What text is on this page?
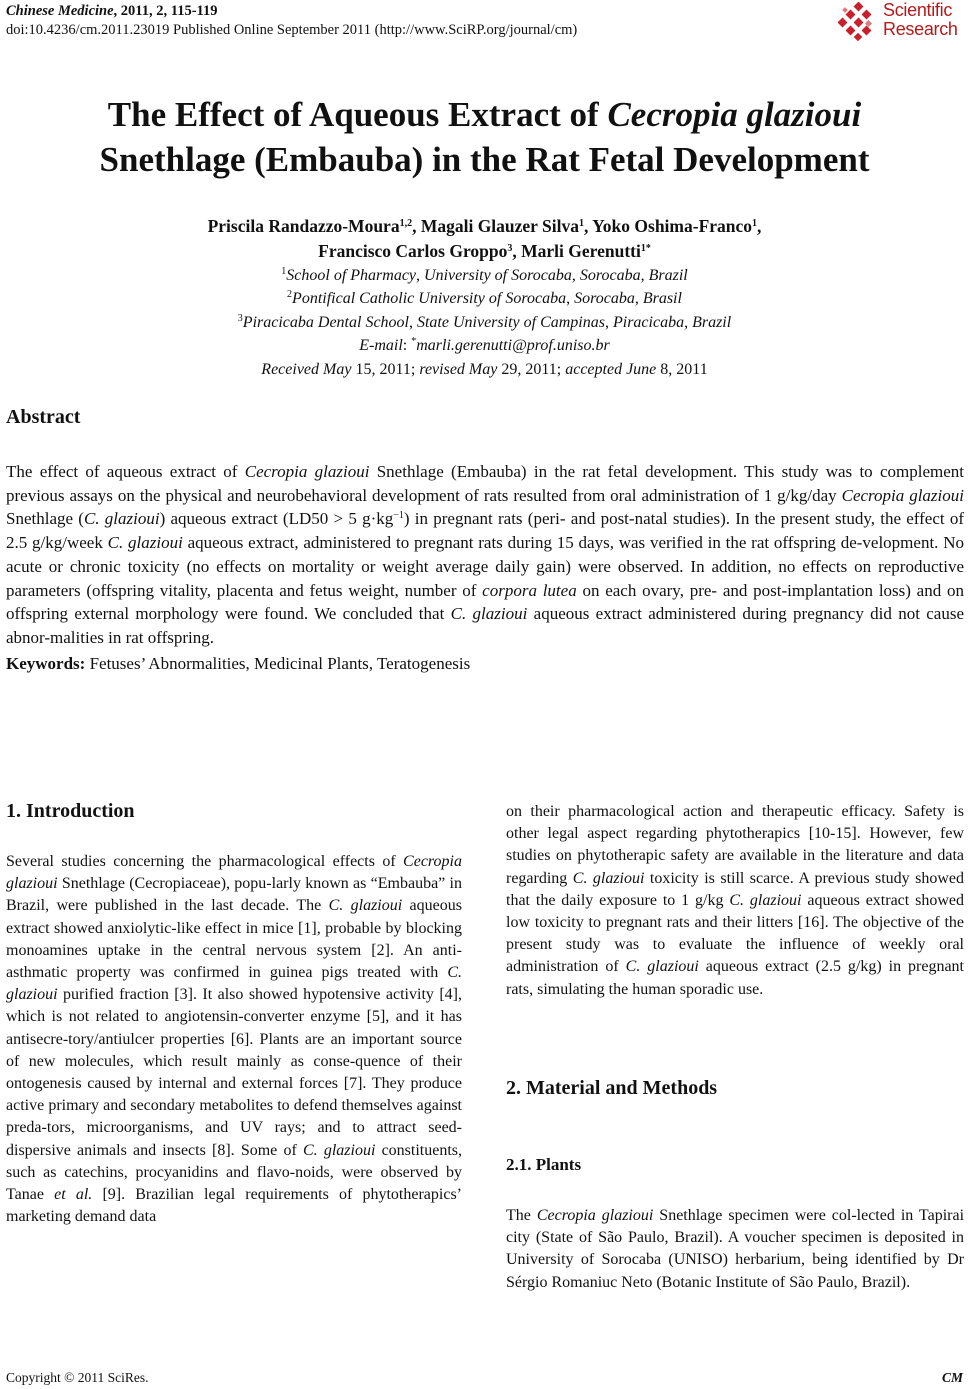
Chinese Medicine, 2011, 2, 115-119
doi:10.4236/cm.2011.23019 Published Online September 2011 (http://www.SciRP.org/journal/cm)
Scientific
Research
The Effect of Aqueous Extract of Cecropia glazioui
Snethlage (Embauba) in the Rat Fetal Development
Priscila Randazzo-Moura$^{1,2}$, Magali Glauzer Silva$^1$, Yoko Oshima-Franco$^1$,
Francisco Carlos Groppo$^3$, Marli Gerenutti$^{1*}$
$^1$School of Pharmacy, University of Sorocaba, Sorocaba, Brazil
$^2$Pontifical Catholic University of Sorocaba, Sorocaba, Brasil
$^3$Piracicaba Dental School, State University of Campinas, Piracicaba, Brazil
E-mail: *marli.gerenutti@prof.uniso.br
Received May 15, 2011; revised May 29, 2011; accepted June 8, 2011
Abstract
The effect of aqueous extract of Cecropia glazioui Snethlage (Embauba) in the rat fetal development. This study was to complement previous assays on the physical and neurobehavioral development of rats resulted from oral administration of 1 g/kg/day Cecropia glazioui Snethlage (C. glazioui) aqueous extract (LD50 > 5 $g\cdot kg^{-1}$) in pregnant rats (peri- and post-natal studies). In the present study, the effect of 2.5 g/kg/week C. glazioui aqueous extract, administered to pregnant rats during 15 days, was verified in the rat offspring de-velopment. No acute or chronic toxicity (no effects on mortality or weight average daily gain) were observed. In addition, no effects on reproductive parameters (offspring vitality, placenta and fetus weight, number of corpora lutea on each ovary, pre- and post-implantation loss) and on offspring external morphology were found. We concluded that C. glazioui aqueous extract administered during pregnancy did not cause abnor-malities in rat offspring.
Keywords: Fetuses’ Abnormalities, Medicinal Plants, Teratogenesis
1. Introduction
Several studies concerning the pharmacological effects of Cecropia glazioui Snethlage (Cecropiaceae), popu-larly known as “Embauba” in Brazil, were published in the last decade. The C. glazioui aqueous extract showed anxiolytic-like effect in mice [1], probable by blocking monoamines uptake in the central nervous system [2]. An anti-asthmatic property was confirmed in guinea pigs treated with C. glazioui purified fraction [3]. It also showed hypotensive activity [4], which is not related to angiotensin-converter enzyme [5], and it has antisecre-tory/antiulcer properties [6]. Plants are an important source of new molecules, which result mainly as conse-quence of their ontogenesis caused by internal and external forces [7]. They produce active primary and secondary metabolites to defend themselves against preda-tors, microorganisms, and UV rays; and to attract seed-dispersive animals and insects [8]. Some of C. glazioui constituents, such as catechins, procyanidins and flavo-noids, were observed by Tanae et al. [9]. Brazilian legal requirements of phytotherapics’ marketing demand data
on their pharmacological action and therapeutic efficacy. Safety is other legal aspect regarding phytotherapics [10-15]. However, few studies on phytotherapic safety are available in the literature and data regarding C. glazioui toxicity is still scarce. A previous study showed that the daily exposure to 1 g/kg C. glazioui aqueous extract showed low toxicity to pregnant rats and their litters [16]. The objective of the present study was to evaluate the influence of weekly oral administration of C. glazioui aqueous extract (2.5 g/kg) in pregnant rats, simulating the human sporadic use.
2. Material and Methods
2.1. Plants
The Cecropia glazioui Snethlage specimen were col-lected in Tapirai city (State of São Paulo, Brazil). A voucher specimen is deposited in University of Sorocaba (UNISO) herbarium, being identified by Dr Sérgio Romaniuc Neto (Botanic Institute of São Paulo, Brazil).
Copyright © 2011 SciRes.	CM
